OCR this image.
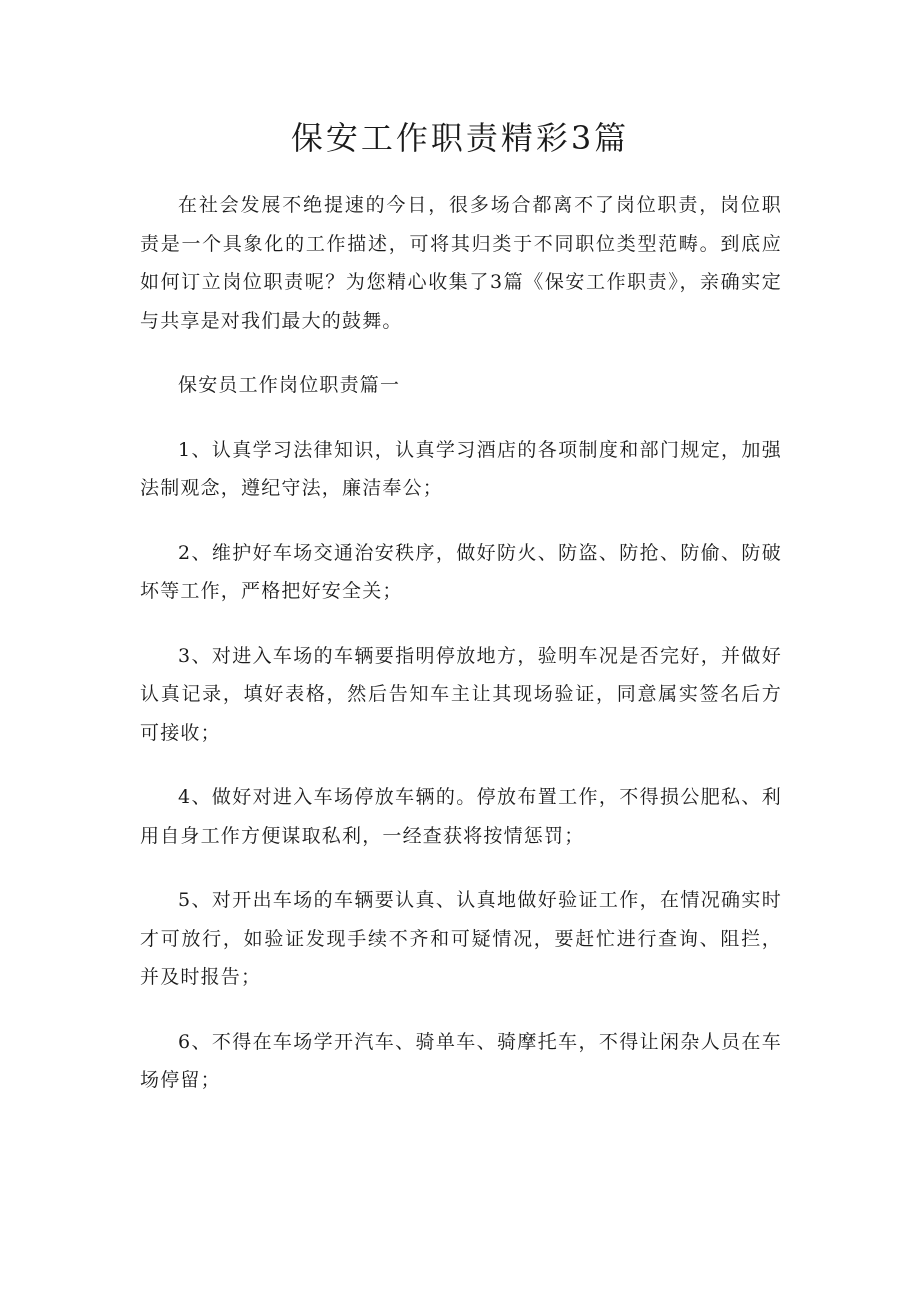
保安工作职责精彩3篇

在社会发展不绝提速的今日，很多场合都离不了岗位职责，岗位职责是一个具象化的工作描述，可将其归类于不同职位类型范畴。到底应如何订立岗位职责呢？为您精心收集了3篇《保安工作职责》，亲确实定与共享是对我们最大的鼓舞。

保安员工作岗位职责篇一

1、认真学习法律知识，认真学习酒店的各项制度和部门规定，加强法制观念，遵纪守法，廉洁奉公；

2、维护好车场交通治安秩序，做好防火、防盗、防抢、防偷、防破坏等工作，严格把好安全关；

3、对进入车场的车辆要指明停放地方，验明车况是否完好，并做好认真记录，填好表格，然后告知车主让其现场验证，同意属实签名后方可接收；

4、做好对进入车场停放车辆的。停放布置工作，不得损公肥私、利用自身工作方便谋取私利，一经查获将按情惩罚；

5、对开出车场的车辆要认真、认真地做好验证工作，在情况确实时才可放行，如验证发现手续不齐和可疑情况，要赶忙进行查询、阻拦，并及时报告；

6、不得在车场学开汽车、骑单车、骑摩托车，不得让闲杂人员在车场停留；
